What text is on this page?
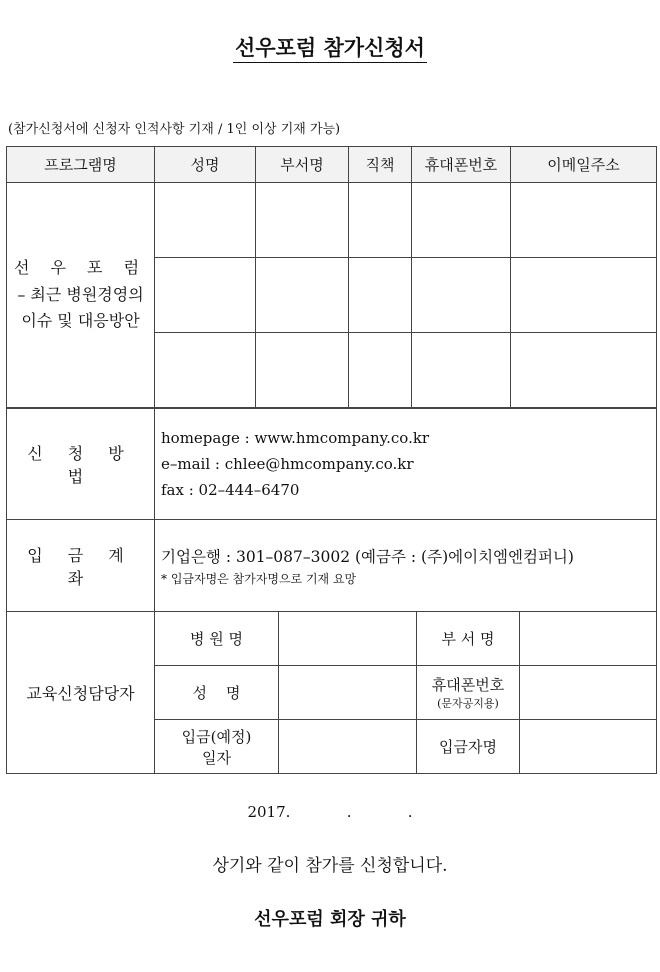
선우포럼 참가신청서
(참가신청서에 신청자 인적사항 기재 / 1인 이상 기재 가능)
프로그램명	성명	부서명	직책	휴대폰번호	이메일주소

선 우 포 럼
– 최근 병원경영의
이슈 및 대응방안					

신 청 방 법	homepage : www.hmcompany.co.kr
e–mail : chlee@hmcompany.co.kr
fax : 02–444–6470

입 금 계 좌	기업은행 : 301–087–3002 (예금주 : (주)에이치엠엔컴퍼니)
* 입금자명은 참가자명으로 기재 요망
교육신청담당자	병 원 명		부 서 명	
	성    명		휴대폰번호
(문자공지용)	

	입금(예정)
일자		입금자명	
2017.   .   .
상기와 같이 참가를 신청합니다.
선우포럼 회장 귀하
